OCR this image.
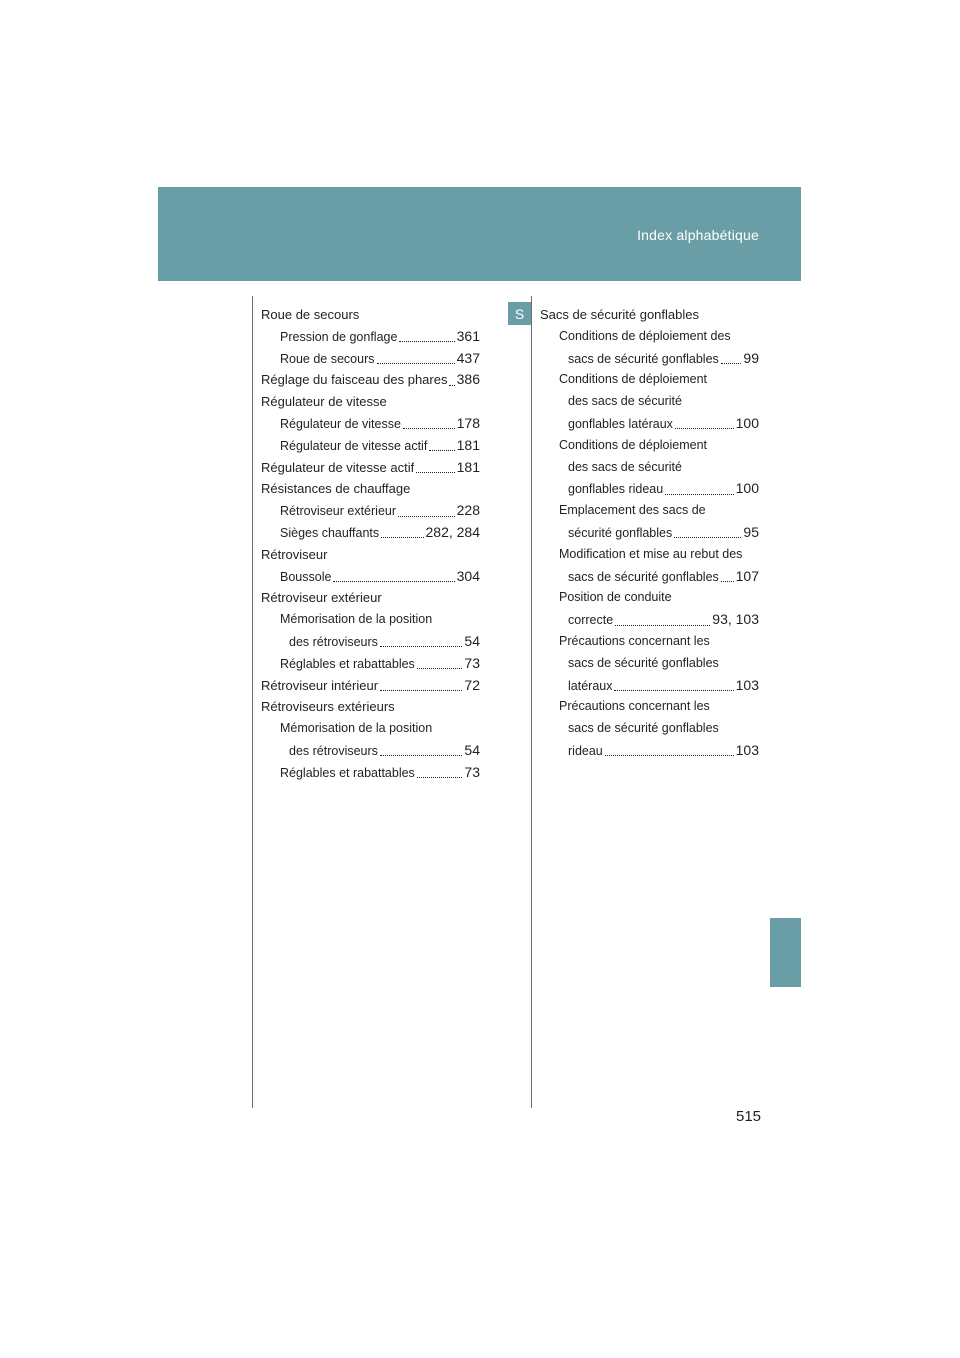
Index alphabétique
S
Roue de secours
Pression de gonflage	361
Roue de secours	437
Réglage du faisceau des phares 386
Régulateur de vitesse
Régulateur de vitesse	178
Régulateur de vitesse actif 181
Régulateur de vitesse actif	181
Résistances de chauffage
Rétroviseur extérieur	228
Sièges chauffants	282, 284
Rétroviseur
Boussole	304
Rétroviseur extérieur
Mémorisation de la position
des rétroviseurs	54
Réglables et rabattables	73
Rétroviseur intérieur	72
Rétroviseurs extérieurs
Mémorisation de la position
des rétroviseurs	54
Réglables et rabattables	73
Sacs de sécurité gonflables
Conditions de déploiement des
sacs de sécurité gonflables 99
Conditions de déploiement
des sacs de sécurité
gonflables latéraux	100
Conditions de déploiement
des sacs de sécurité
gonflables rideau	100
Emplacement des sacs de
sécurité gonflables	95
Modification et mise au rebut des
sacs de sécurité gonflables 107
Position de conduite
correcte	93, 103
Précautions concernant les
sacs de sécurité gonflables
latéraux	103
Précautions concernant les
sacs de sécurité gonflables
rideau	103
515
